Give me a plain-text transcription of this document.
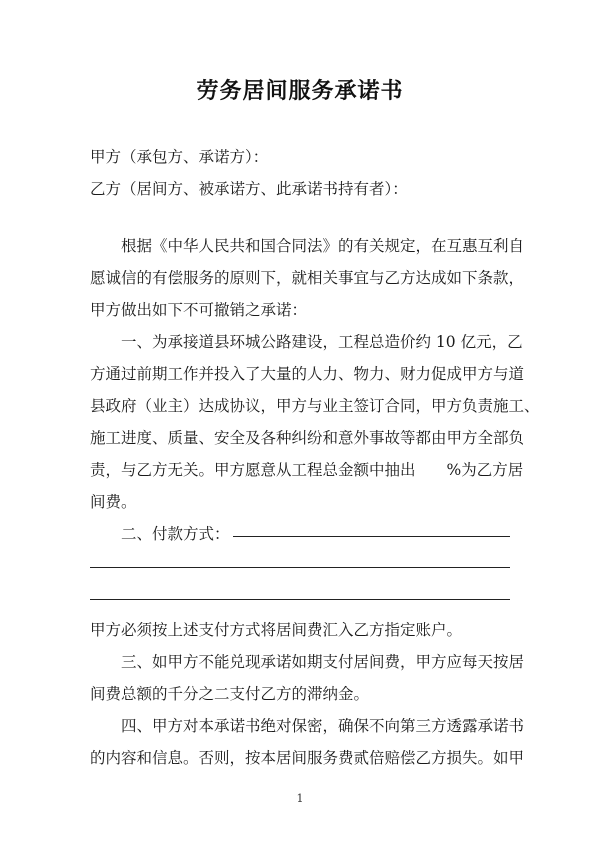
劳务居间服务承诺书
甲方（承包方、承诺方）：
乙方（居间方、被承诺方、此承诺书持有者）：
根据《中华人民共和国合同法》的有关规定，在互惠互利自
愿诚信的有偿服务的原则下，就相关事宜与乙方达成如下条款，
甲方做出如下不可撤销之承诺：
一、为承接道县环城公路建设，工程总造价约 10 亿元，乙
方通过前期工作并投入了大量的人力、物力、财力促成甲方与道
县政府（业主）达成协议，甲方与业主签订合同，甲方负责施工、
施工进度、质量、安全及各种纠纷和意外事故等都由甲方全部负
责，与乙方无关。甲方愿意从工程总金额中抽出　　%为乙方居
间费。
二、付款方式：
甲方必须按上述支付方式将居间费汇入乙方指定账户。
三、如甲方不能兑现承诺如期支付居间费，甲方应每天按居
间费总额的千分之二支付乙方的滞纳金。
四、甲方对本承诺书绝对保密，确保不向第三方透露承诺书
的内容和信息。否则，按本居间服务费贰倍赔偿乙方损失。如甲
1
